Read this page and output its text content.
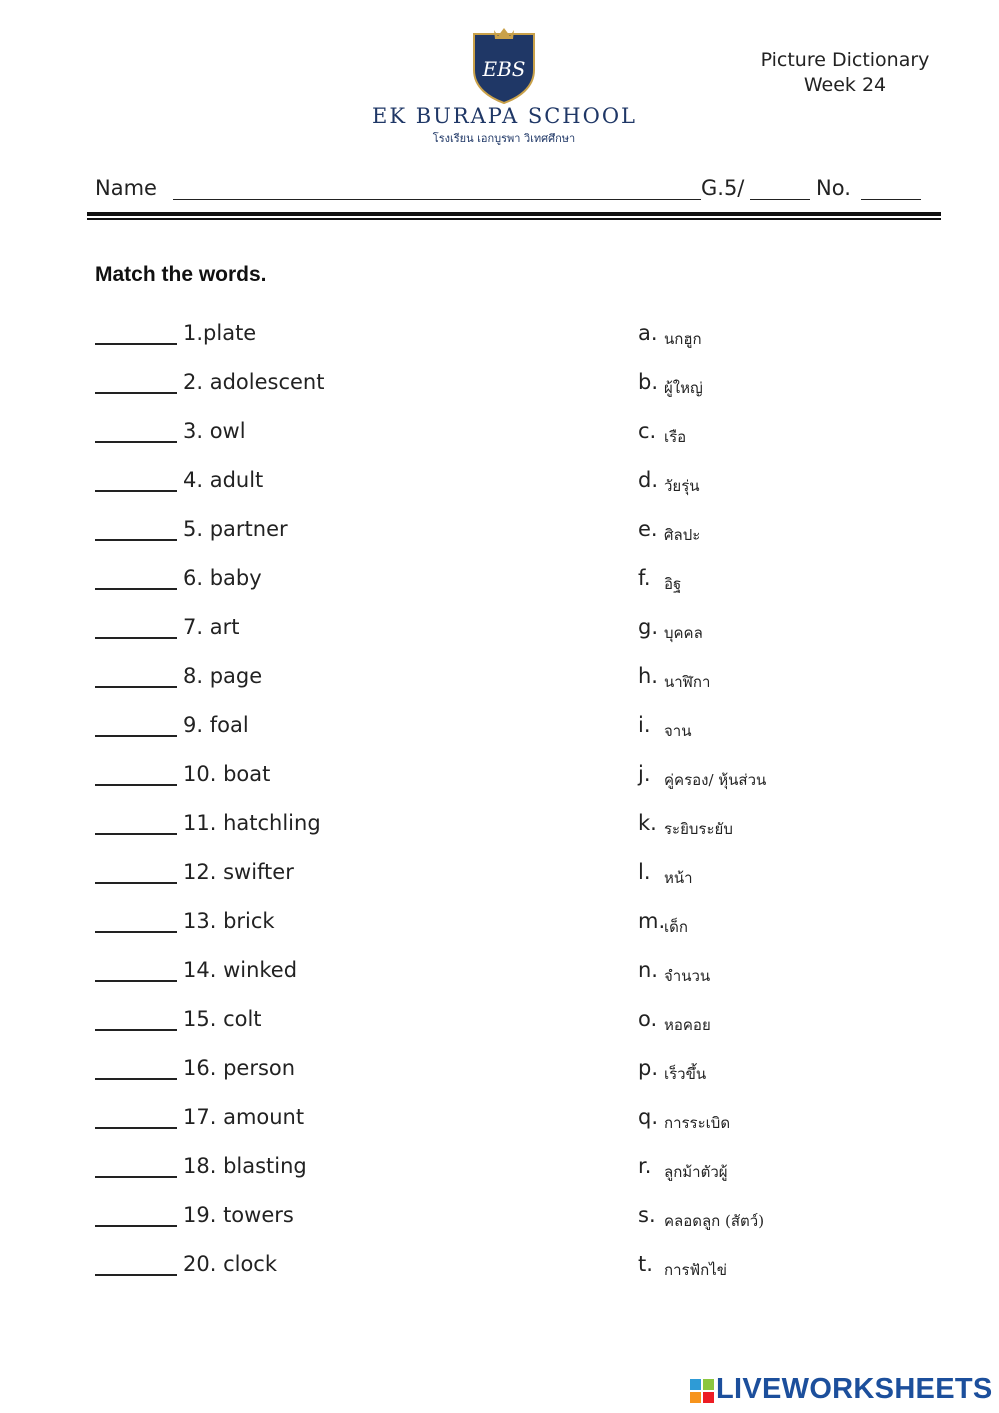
EBS
EK BURAPA SCHOOL
โรงเรียน เอกบูรพา วิเทศศึกษา
Picture Dictionary
Week 24
Name	G.5/	No.
Match the words.
1.plate
2. adolescent
3. owl
4. adult
5. partner
6. baby
7. art
8. page
9. foal
10. boat
11. hatchling
12. swifter
13. brick
14. winked
15. colt
16. person
17. amount
18. blasting
19. towers
20. clock
a. นกฮูก
b. ผู้ใหญ่
c. เรือ
d. วัยรุ่น
e. ศิลปะ
f. อิฐ
g. บุคคล
h. นาฬิกา
i. จาน
j. คู่ครอง/ หุ้นส่วน
k. ระยิบระยับ
l. หน้า
m.
เด็ก
n. จำนวน
o. หอคอย
p. เร็วขึ้น
q. การระเบิด
r. ลูกม้าตัวผู้
s. คลอดลูก (สัตว์)
t. การฟักไข่
LIVEWORKSHEETS
